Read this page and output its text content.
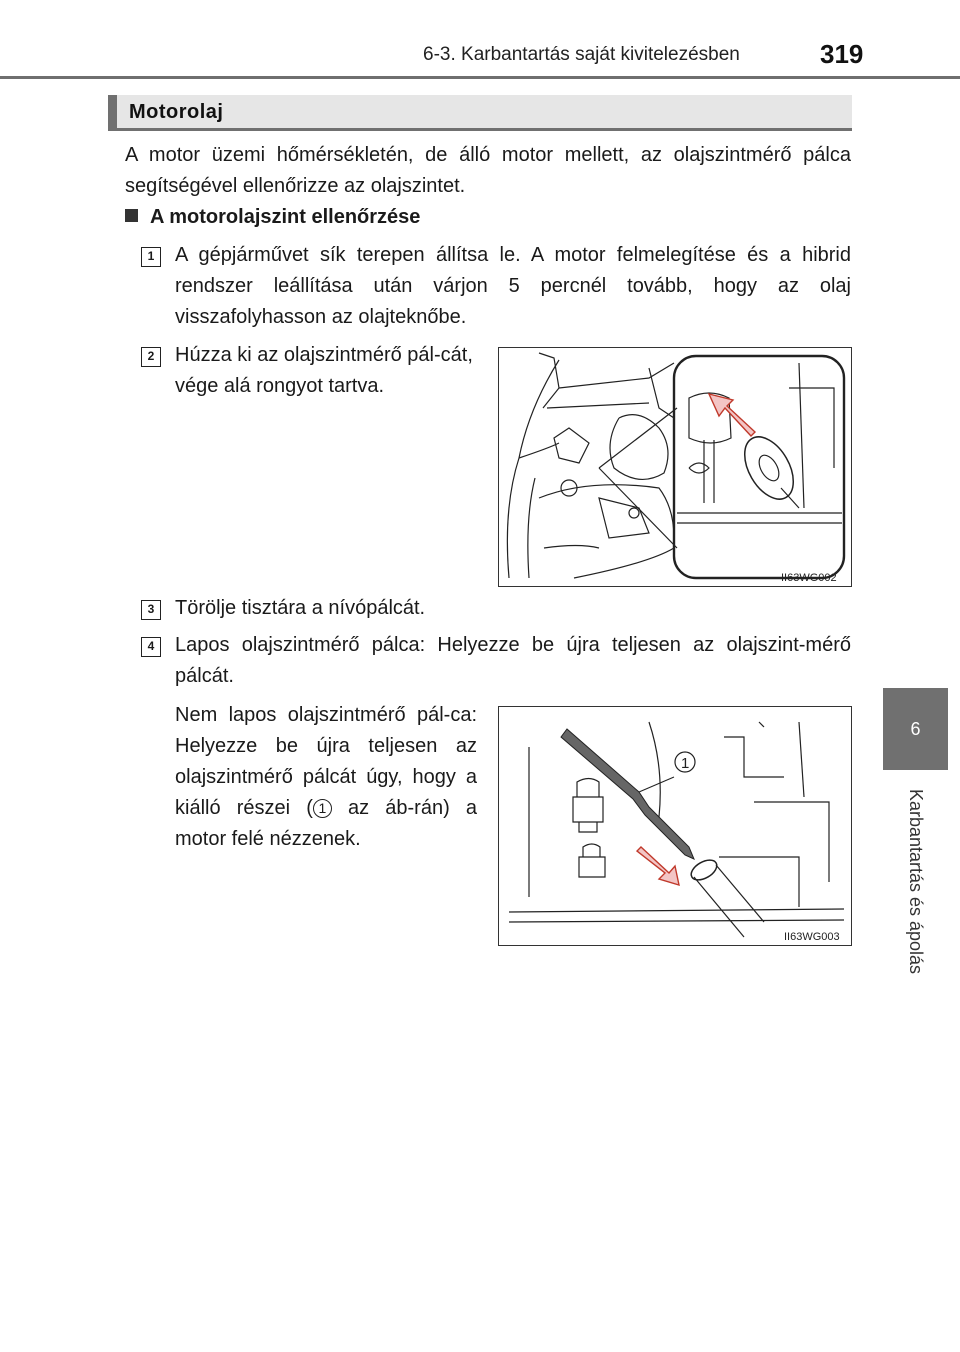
6-3. Karbantartás saját kivitelezésben	319
6
Karbantartás és ápolás
Motorolaj

A motor üzemi hőmérsékletén, de álló motor mellett, az olajszintmérő pálca segítségével ellenőrizze az olajszintet.

A motorolajszint ellenőrzése
1	A gépjárművet sík terepen állítsa le. A motor felmelegítése és a hibrid rendszer leállítása után várjon 5 percnél tovább, hogy az olaj visszafolyhasson az olajteknőbe.

2	Húzza ki az olajszintmérő pál-cát, vége alá rongyot tartva.

II63WG002
3	Törölje tisztára a nívópálcát.

4	Lapos olajszintmérő pálca: Helyezze be újra teljesen az olajszint-mérő pálcát.

Nem lapos olajszintmérő pál-ca: Helyezze be újra teljesen az olajszintmérő pálcát úgy, hogy a kiálló részei ( 1 az áb-rán) a motor felé nézzenek.

1
II63WG003
